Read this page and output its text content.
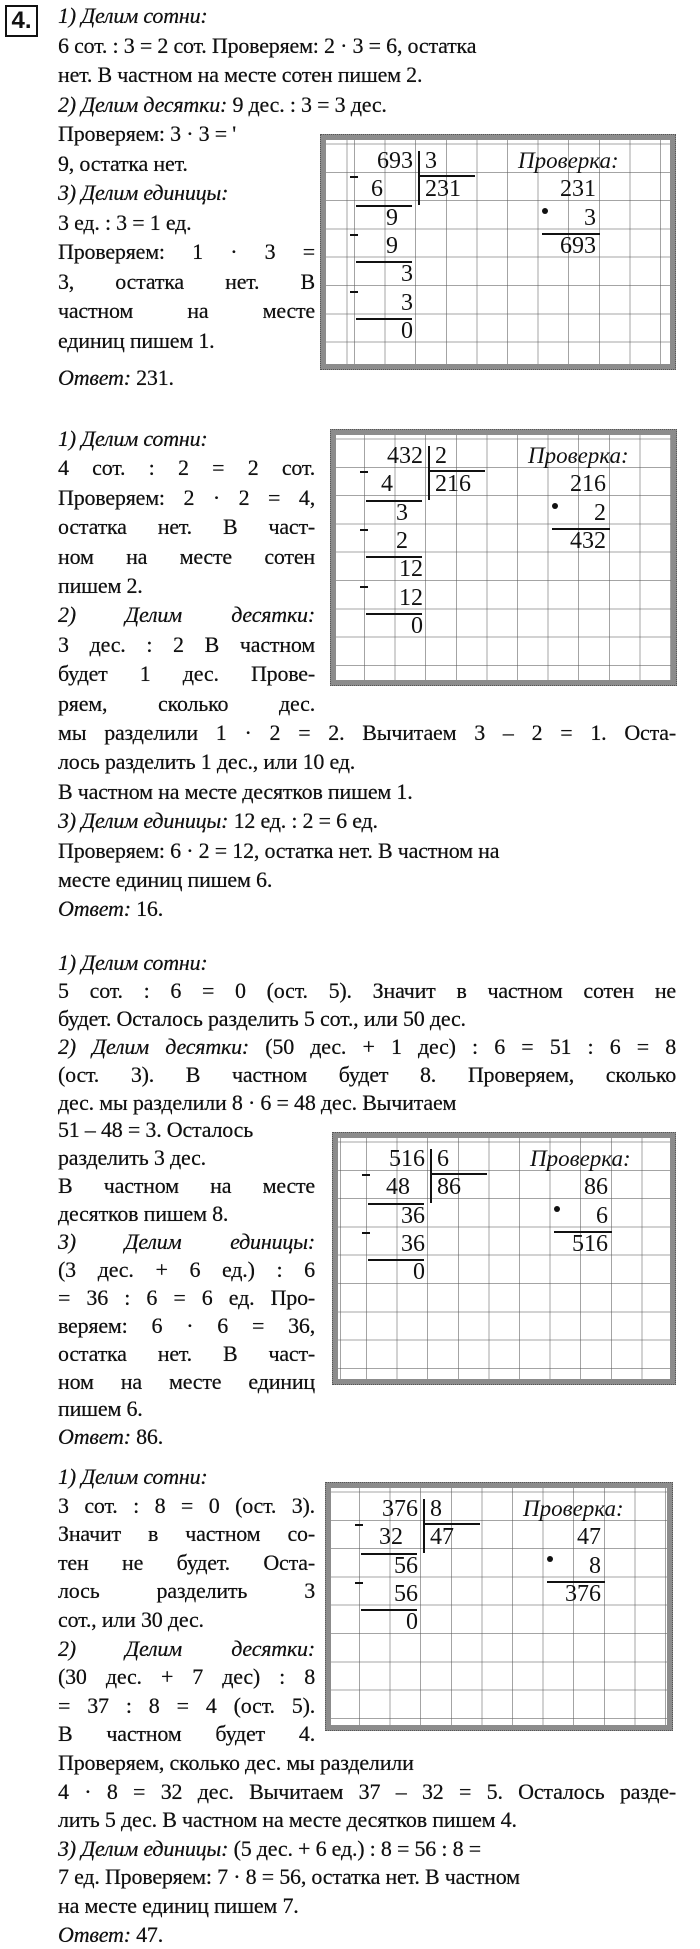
4. 1) Делим сотни:
6 сот. : 3 = 2 сот. Проверяем: 2 · 3 = 6, остатка
нет. В частном на месте сотен пишем 2.
2) Делим десятки: 9 дес. : 3 = 3 дес.
Проверяем: 3 · 3 = '
9, остатка нет.
3) Делим единицы:
3 ед. : 3 = 1 ед.
Проверяем: 1 · 3 =
3, остатка нет. В
частном на месте
единиц пишем 1.
Ответ: 231.
693 3
231
6
9
9
3
3
0
Проверка:
231
3
693
1) Делим сотни:
4 сот. : 2 = 2 сот.
Проверяем: 2 · 2 = 4,
остатка нет. В част-
ном на месте сотен
пишем 2.
2) Делим десятки:
3 дес. : 2 В частном
будет 1 дес. Прове-
ряем, сколько дес.
мы разделили 1 · 2 = 2. Вычитаем 3 – 2 = 1. Оста-
лось разделить 1 дес., или 10 ед.
В частном на месте десятков пишем 1.
3) Делим единицы: 12 ед. : 2 = 6 ед.
Проверяем: 6 · 2 = 12, остатка нет. В частном на
месте единиц пишем 6.
Ответ: 16.
432 2
216
4
3
2
12
12
0
Проверка:
216
2
432
1) Делим сотни:
5 сот. : 6 = 0 (ост. 5). Значит в частном сотен не
будет. Осталось разделить 5 сот., или 50 дес.
2) Делим десятки: (50 дес. + 1 дес) : 6 = 51 : 6 = 8
(ост. 3). В частном будет 8. Проверяем, сколько
дес. мы разделили 8 · 6 = 48 дес. Вычитаем
51 – 48 = 3. Осталось
разделить 3 дес.
В частном на месте
десятков пишем 8.
3) Делим единицы:
(3 дес. + 6 ед.) : 6
= 36 : 6 = 6 ед. Про-
веряем: 6 · 6 = 36,
остатка нет. В част-
ном на месте единиц
пишем 6.
Ответ: 86.
516 6
86
48
36
36
0
Проверка:
86
6
516
1) Делим сотни:
3 сот. : 8 = 0 (ост. 3).
Значит в частном со-
тен не будет. Оста-
лось разделить 3
сот., или 30 дес.
2) Делим десятки:
(30 дес. + 7 дес) : 8
= 37 : 8 = 4 (ост. 5).
В частном будет 4.
Проверяем, сколько дес. мы разделили
4 · 8 = 32 дес. Вычитаем 37 – 32 = 5. Осталось разде-
лить 5 дес. В частном на месте десятков пишем 4.
3) Делим единицы: (5 дес. + 6 ед.) : 8 = 56 : 8 =
7 ед. Проверяем: 7 · 8 = 56, остатка нет. В частном
на месте единиц пишем 7.
Ответ: 47.
376 8
47
32
56
56
0
Проверка:
47
8
376
